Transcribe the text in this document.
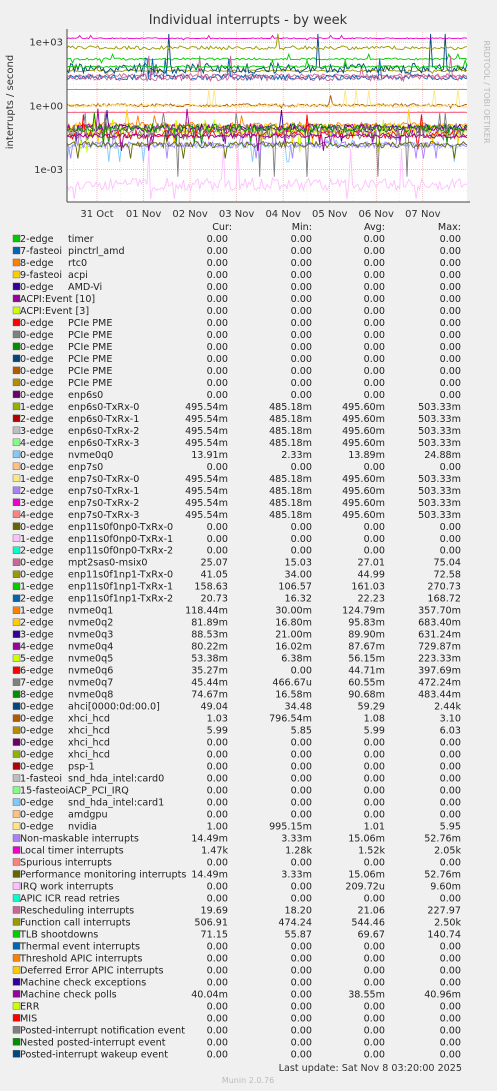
Individual interrupts - by week
RRDTOOL / TOBI OETIKER
interrupts / second
1e+03
1e+00
1e-03
31 Oct 01 Nov 02 Nov 03 Nov 04 Nov 05 Nov 06 Nov 07 Nov
Cur:	Min:	Avg:	Max:
2-edge timer	0.00	0.00	0.00	0.00
7-fasteoi pinctrl_amd	0.00	0.00	0.00	0.00
8-edge rtc0	0.00	0.00	0.00	0.00
9-fasteoi acpi	0.00	0.00	0.00	0.00
0-edge AMD-Vi	0.00	0.00	0.00	0.00
ACPI:Event [10]	0.00	0.00	0.00	0.00
ACPI:Event [3]	0.00	0.00	0.00	0.00
0-edge PCIe PME	0.00	0.00	0.00	0.00
0-edge PCIe PME	0.00	0.00	0.00	0.00
0-edge PCIe PME	0.00	0.00	0.00	0.00
0-edge PCIe PME	0.00	0.00	0.00	0.00
0-edge PCIe PME	0.00	0.00	0.00	0.00
0-edge PCIe PME	0.00	0.00	0.00	0.00
0-edge enp6s0	0.00	0.00	0.00	0.00
1-edge enp6s0-TxRx-0	495.54m	485.18m	495.60m	503.33m
2-edge enp6s0-TxRx-1	495.54m	485.18m	495.60m	503.33m
3-edge enp6s0-TxRx-2	495.54m	485.18m	495.60m	503.33m
4-edge enp6s0-TxRx-3	495.54m	485.18m	495.60m	503.33m
0-edge nvme0q0	13.91m	2.33m	13.89m	24.88m
0-edge enp7s0	0.00	0.00	0.00	0.00
1-edge enp7s0-TxRx-0	495.54m	485.18m	495.60m	503.33m
2-edge enp7s0-TxRx-1	495.54m	485.18m	495.60m	503.33m
3-edge enp7s0-TxRx-2	495.54m	485.18m	495.60m	503.33m
4-edge enp7s0-TxRx-3	495.54m	485.18m	495.60m	503.33m
0-edge enp11s0f0np0-TxRx-0	0.00	0.00	0.00	0.00
1-edge enp11s0f0np0-TxRx-1	0.00	0.00	0.00	0.00
2-edge enp11s0f0np0-TxRx-2	0.00	0.00	0.00	0.00
0-edge mpt2sas0-msix0	25.07	15.03	27.01	75.04
0-edge enp11s0f1np1-TxRx-0	41.05	34.00	44.99	72.58
1-edge enp11s0f1np1-TxRx-1 158.63	106.57	161.03	270.73
2-edge enp11s0f1np1-TxRx-2	20.73	16.32	22.23	168.72
1-edge nvme0q1	118.44m	30.00m	124.79m	357.70m
2-edge nvme0q2	81.89m	16.80m	95.83m	683.40m
3-edge nvme0q3	88.53m	21.00m	89.90m	631.24m
4-edge nvme0q4	80.22m	16.02m	87.67m	729.87m
5-edge nvme0q5	53.38m	6.38m	56.15m	223.33m
6-edge nvme0q6	35.27m	0.00	44.71m	397.69m
7-edge nvme0q7	45.44m	466.67u	60.55m	472.24m
8-edge nvme0q8	74.67m	16.58m	90.68m	483.44m
0-edge ahci[0000:0d:00.0]	49.04	34.48	59.29	2.44k
0-edge xhci_hcd	1.03	796.54m	1.08	3.10
0-edge xhci_hcd	5.99	5.85	5.99	6.03
0-edge xhci_hcd	0.00	0.00	0.00	0.00
0-edge xhci_hcd	0.00	0.00	0.00	0.00
0-edge psp-1	0.00	0.00	0.00	0.00
1-fasteoi snd_hda_intel:card0	0.00	0.00	0.00	0.00
15-fasteoi ACP_PCI_IRQ	0.00	0.00	0.00	0.00
0-edge snd_hda_intel:card1	0.00	0.00	0.00	0.00
0-edge amdgpu	0.00	0.00	0.00	0.00
0-edge nvidia	1.00	995.15m	1.01	5.95
Non-maskable interrupts	14.49m	3.33m	15.06m	52.76m
Local timer interrupts	1.47k	1.28k	1.52k	2.05k
Spurious interrupts	0.00	0.00	0.00	0.00
Performance monitoring interrupts 14.49m	3.33m	15.06m	52.76m
IRQ work interrupts	0.00	0.00	209.72u	9.60m
APIC ICR read retries	0.00	0.00	0.00	0.00
Rescheduling interrupts	19.69	18.20	21.06	227.97
Function call interrupts	506.91	474.24	544.46	2.50k
TLB shootdowns	71.15	55.87	69.67	140.74
Thermal event interrupts	0.00	0.00	0.00	0.00
Threshold APIC interrupts	0.00	0.00	0.00	0.00
Deferred Error APIC interrupts	0.00	0.00	0.00	0.00
Machine check exceptions	0.00	0.00	0.00	0.00
Machine check polls	40.04m	0.00	38.55m	40.96m
ERR	0.00	0.00	0.00	0.00
MIS	0.00	0.00	0.00	0.00
Posted-interrupt notification event 0.00	0.00	0.00	0.00
Nested posted-interrupt event	0.00	0.00	0.00	0.00
Posted-interrupt wakeup event	0.00	0.00	0.00	0.00
Last update: Sat Nov 8 03:20:00 2025
Munin 2.0.76
